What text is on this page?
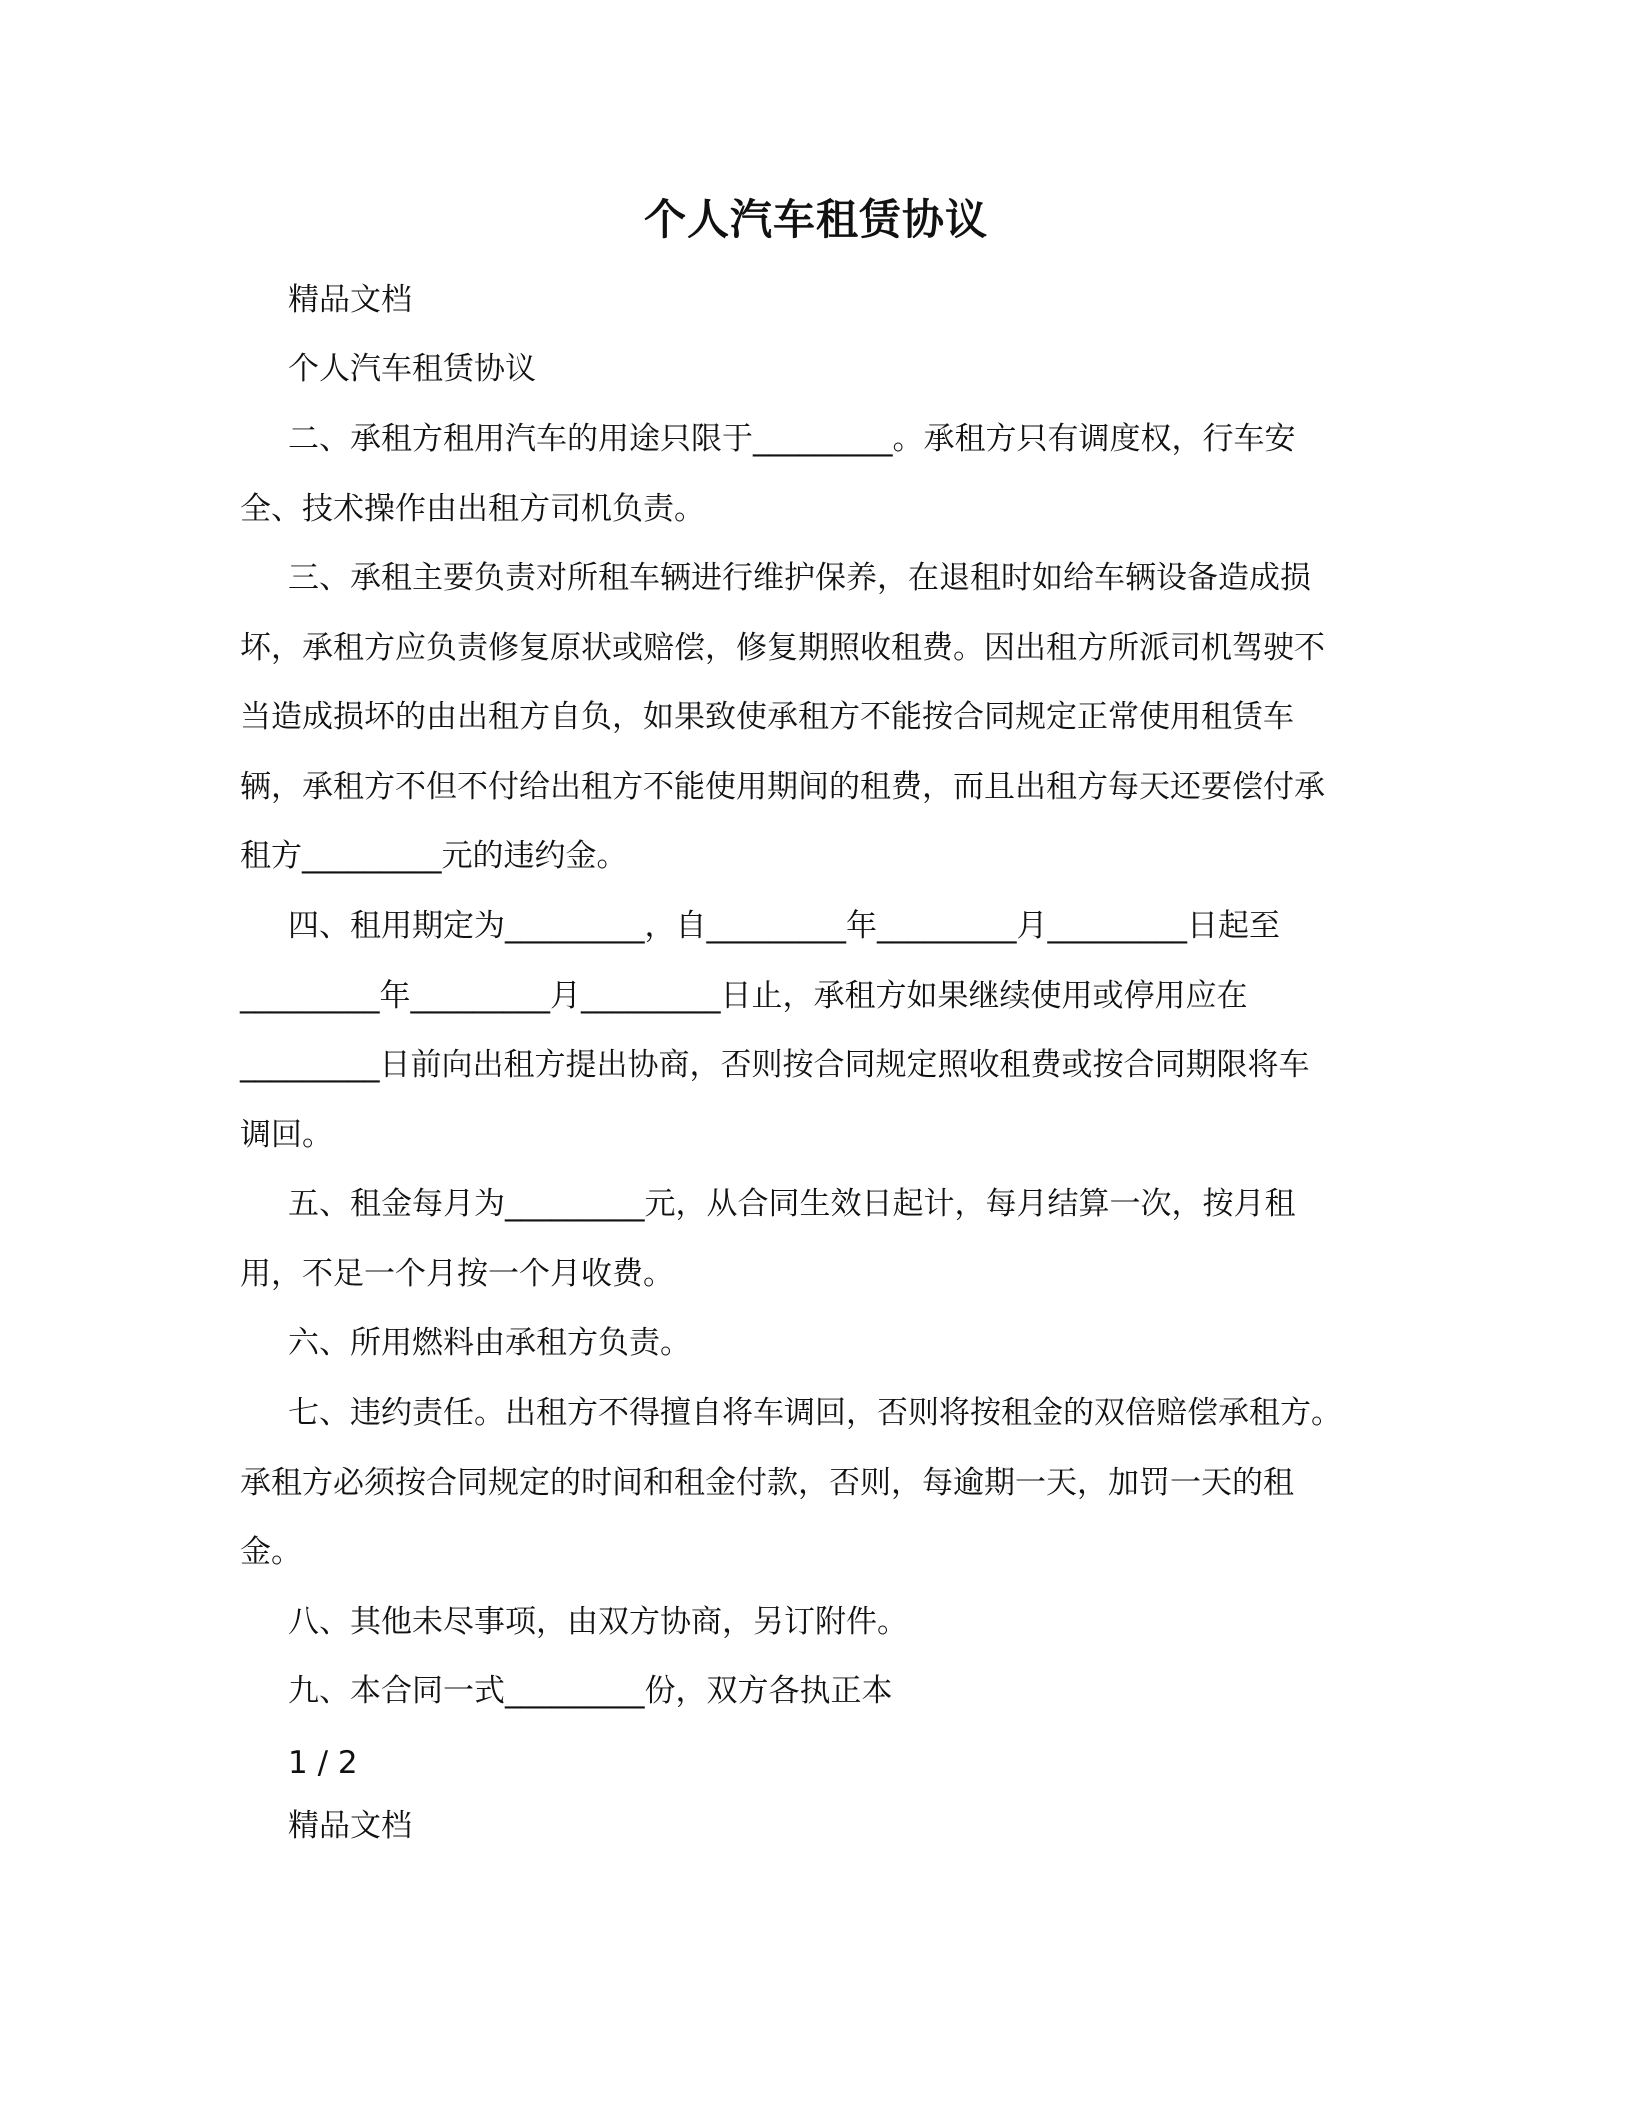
个人汽车租赁协议
精品文档
个人汽车租赁协议
二、承租方租用汽车的用途只限于_________。承租方只有调度权，行车安
全、技术操作由出租方司机负责。
三、承租主要负责对所租车辆进行维护保养，在退租时如给车辆设备造成损
坏，承租方应负责修复原状或赔偿，修复期照收租费。因出租方所派司机驾驶不
当造成损坏的由出租方自负，如果致使承租方不能按合同规定正常使用租赁车
辆，承租方不但不付给出租方不能使用期间的租费，而且出租方每天还要偿付承
租方_________元的违约金。
四、租用期定为_________，自_________年_________月_________日起至
_________年_________月_________日止，承租方如果继续使用或停用应在
_________日前向出租方提出协商，否则按合同规定照收租费或按合同期限将车
调回。
五、租金每月为_________元，从合同生效日起计，每月结算一次，按月租
用，不足一个月按一个月收费。
六、所用燃料由承租方负责。
七、违约责任。出租方不得擅自将车调回，否则将按租金的双倍赔偿承租方。
承租方必须按合同规定的时间和租金付款，否则，每逾期一天，加罚一天的租
金。
八、其他未尽事项，由双方协商，另订附件。
九、本合同一式_________份，双方各执正本
1 / 2
精品文档
